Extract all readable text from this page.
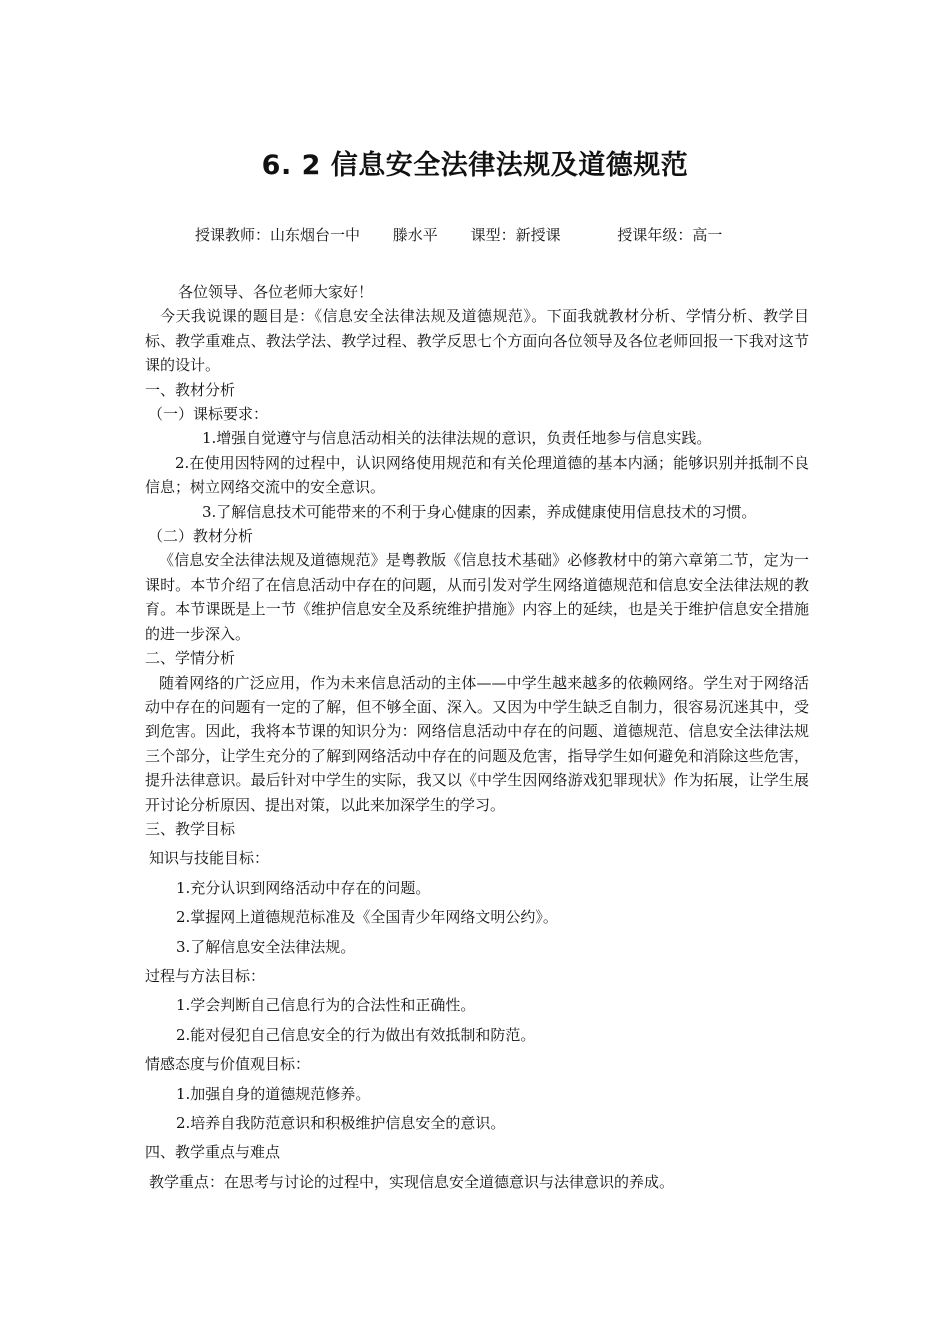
6. 2 信息安全法律法规及道德规范
授课教师：山东烟台一中 滕水平 课型：新授课	授课年级：高一

各位领导、各位老师大家好！

今天我说课的题目是：《信息安全法律法规及道德规范》。下面我就教材分析、学情分析、教学目标、教学重难点、教法学法、教学过程、教学反思七个方面向各位领导及各位老师回报一下我对这节课的设计。

一、教材分析

（一）课标要求：

1.增强自觉遵守与信息活动相关的法律法规的意识，负责任地参与信息实践。

2.在使用因特网的过程中，认识网络使用规范和有关伦理道德的基本内涵；能够识别并抵制不良信息；树立网络交流中的安全意识。

3.了解信息技术可能带来的不利于身心健康的因素，养成健康使用信息技术的习惯。

（二）教材分析

《信息安全法律法规及道德规范》是粤教版《信息技术基础》必修教材中的第六章第二节，定为一课时。本节介绍了在信息活动中存在的问题，从而引发对学生网络道德规范和信息安全法律法规的教育。本节课既是上一节《维护信息安全及系统维护措施》内容上的延续，也是关于维护信息安全措施的进一步深入。

二、学情分析

随着网络的广泛应用，作为未来信息活动的主体——中学生越来越多的依赖网络。学生对于网络活动中存在的问题有一定的了解，但不够全面、深入。又因为中学生缺乏自制力，很容易沉迷其中，受到危害。因此，我将本节课的知识分为：网络信息活动中存在的问题、道德规范、信息安全法律法规三个部分，让学生充分的了解到网络活动中存在的问题及危害，指导学生如何避免和消除这些危害，提升法律意识。最后针对中学生的实际，我又以《中学生因网络游戏犯罪现状》作为拓展，让学生展开讨论分析原因、提出对策，以此来加深学生的学习。

三、教学目标

知识与技能目标：

1.充分认识到网络活动中存在的问题。

2.掌握网上道德规范标准及《全国青少年网络文明公约》。

3.了解信息安全法律法规。

过程与方法目标：

1.学会判断自己信息行为的合法性和正确性。

2.能对侵犯自己信息安全的行为做出有效抵制和防范。

情感态度与价值观目标：

1.加强自身的道德规范修养。

2.培养自我防范意识和积极维护信息安全的意识。

四、教学重点与难点

教学重点：在思考与讨论的过程中，实现信息安全道德意识与法律意识的养成。
